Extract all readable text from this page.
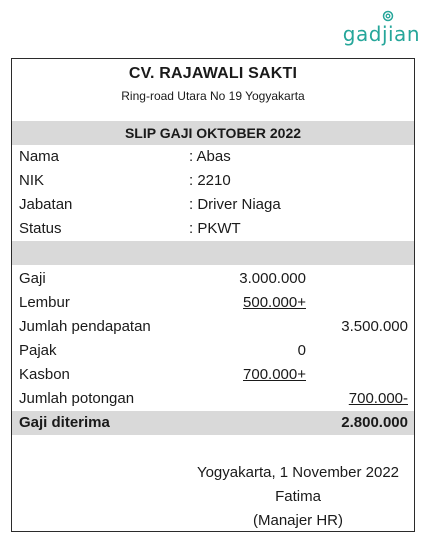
gadjian
CV. RAJAWALI SAKTI
Ring-road Utara No 19 Yogyakarta
SLIP GAJI OKTOBER 2022
Nama	: Abas
NIK	: 2210
Jabatan	: Driver Niaga
Status	: PKWT
Gaji	3.000.000
Lembur	500.000+
Jumlah pendapatan	3.500.000
Pajak	0
Kasbon	700.000+
Jumlah potongan	700.000-
Gaji diterima	2.800.000
Yogyakarta, 1 November 2022
Fatima
(Manajer HR)
